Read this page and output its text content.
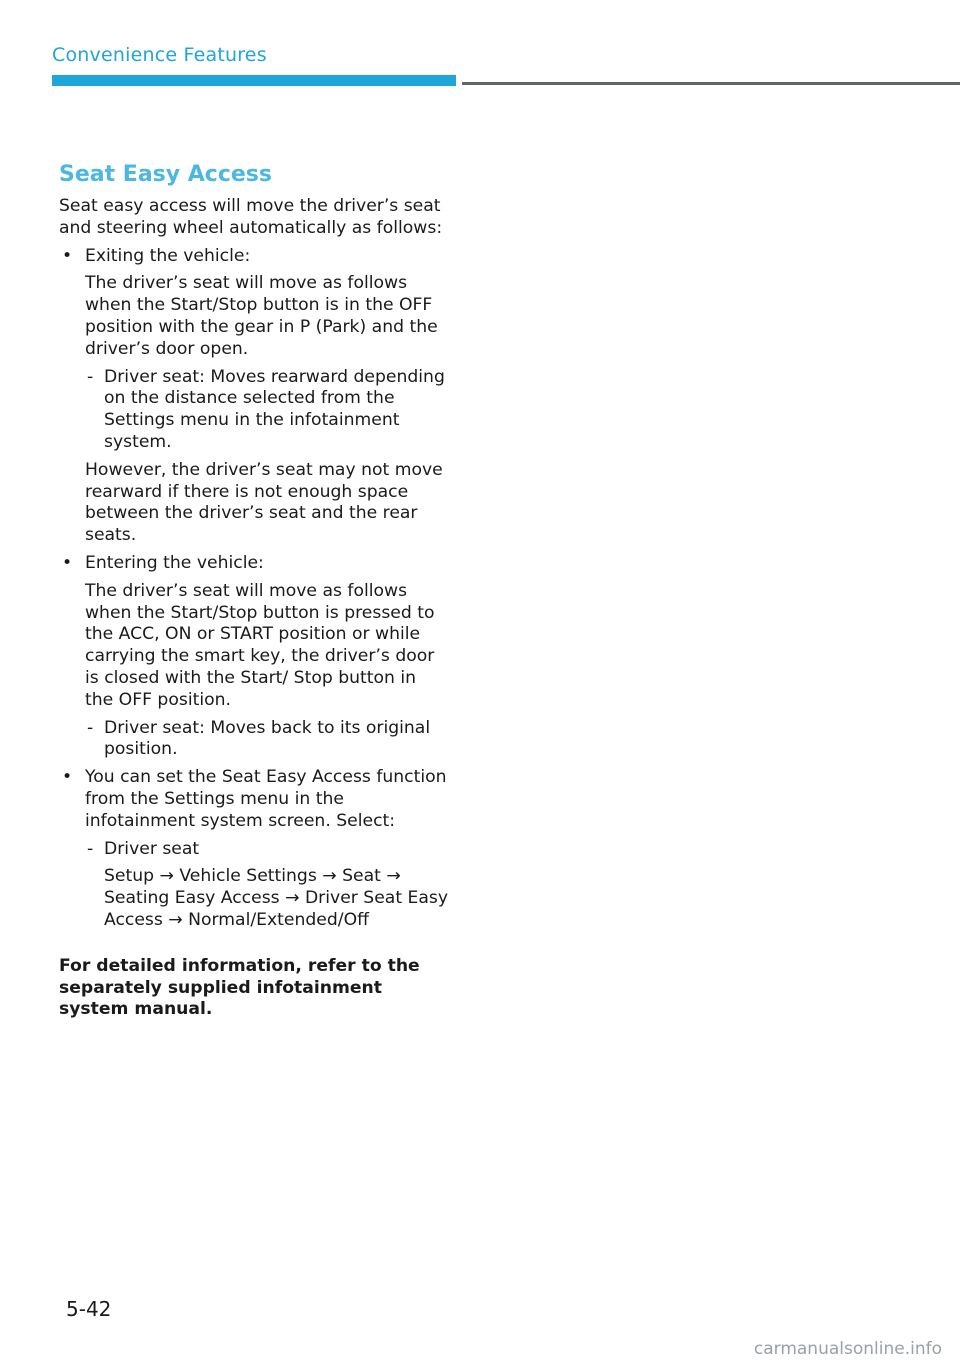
Convenience Features
Seat Easy Access

Seat easy access will move the driver’s seat and steering wheel automatically as follows:

• Exiting the vehicle:

The driver’s seat will move as follows when the Start/Stop button is in the OFF position with the gear in P (Park) and the driver’s door open.

- Driver seat: Moves rearward depending on the distance selected from the Settings menu in the infotainment system.

However, the driver’s seat may not move rearward if there is not enough space between the driver’s seat and the rear seats.

• Entering the vehicle:

The driver’s seat will move as follows when the Start/Stop button is pressed to the ACC, ON or START position or while carrying the smart key, the driver’s door is closed with the Start/ Stop button in the OFF position.

- Driver seat: Moves back to its original position.
• You can set the Seat Easy Access function from the Settings menu in the infotainment system screen. Select:
- Driver seat

Setup → Vehicle Settings → Seat → Seating Easy Access → Driver Seat Easy Access → Normal/Extended/Off

For detailed information, refer to the separately supplied infotainment system manual.

5-42
carmanualsonline.info
